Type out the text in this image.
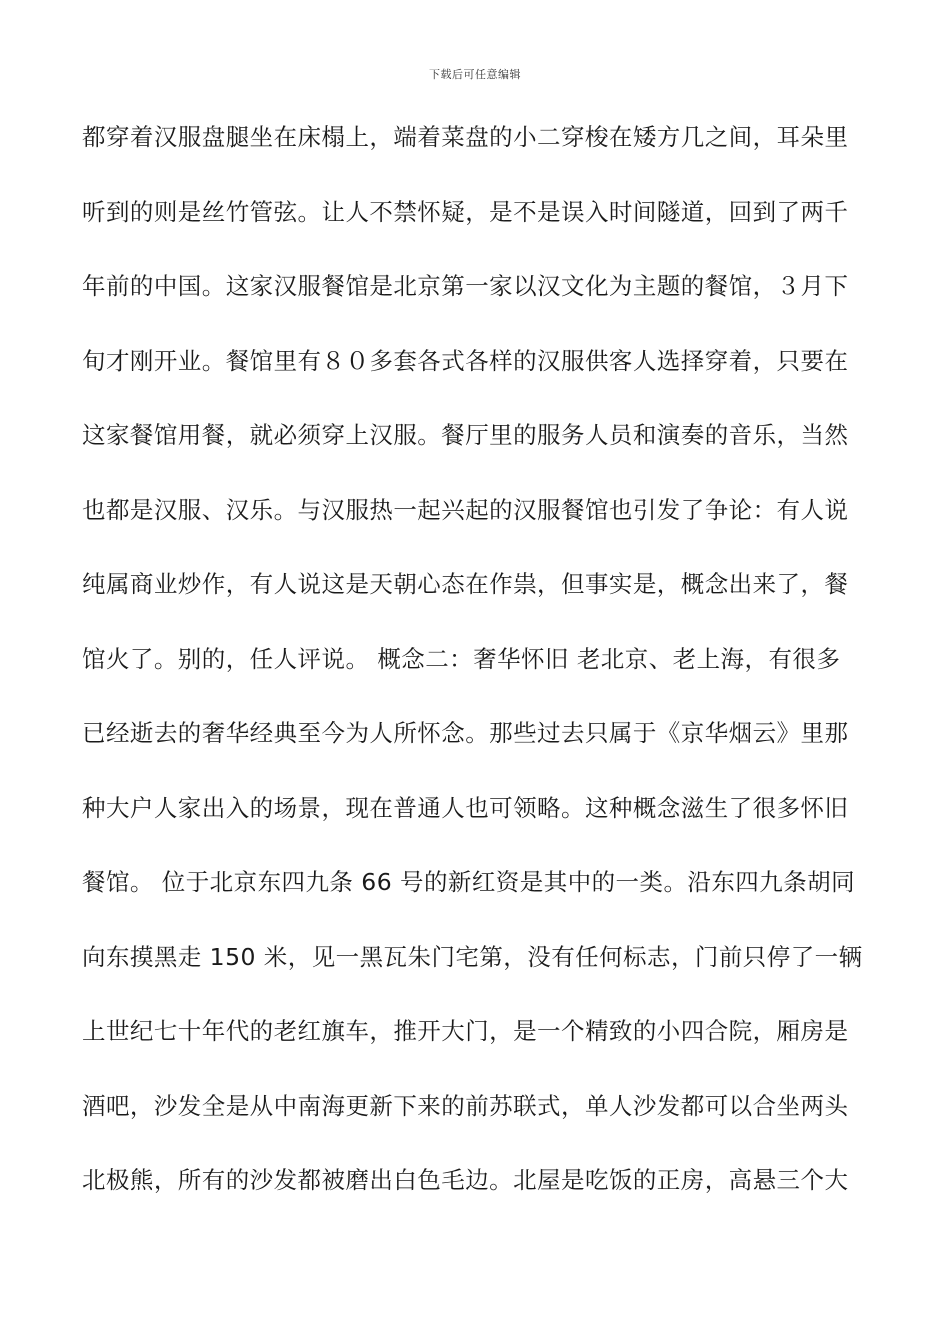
下载后可任意编辑
都穿着汉服盘腿坐在床榻上，端着菜盘的小二穿梭在矮方几之间，耳朵里
听到的则是丝竹管弦。让人不禁怀疑，是不是误入时间隧道，回到了两千
年前的中国。这家汉服餐馆是北京第一家以汉文化为主题的餐馆，３月下
旬才刚开业。餐馆里有８０多套各式各样的汉服供客人选择穿着，只要在
这家餐馆用餐，就必须穿上汉服。餐厅里的服务人员和演奏的音乐，当然
也都是汉服、汉乐。与汉服热一起兴起的汉服餐馆也引发了争论：有人说
纯属商业炒作，有人说这是天朝心态在作祟，但事实是，概念出来了，餐
馆火了。别的，任人评说。 概念二：奢华怀旧 老北京、老上海，有很多
已经逝去的奢华经典至今为人所怀念。那些过去只属于《京华烟云》里那
种大户人家出入的场景，现在普通人也可领略。这种概念滋生了很多怀旧
餐馆。 位于北京东四九条 66 号的新红资是其中的一类。沿东四九条胡同
向东摸黑走 150 米，见一黑瓦朱门宅第，没有任何标志，门前只停了一辆
上世纪七十年代的老红旗车，推开大门，是一个精致的小四合院，厢房是
酒吧，沙发全是从中南海更新下来的前苏联式，单人沙发都可以合坐两头
北极熊，所有的沙发都被磨出白色毛边。北屋是吃饭的正房，高悬三个大
